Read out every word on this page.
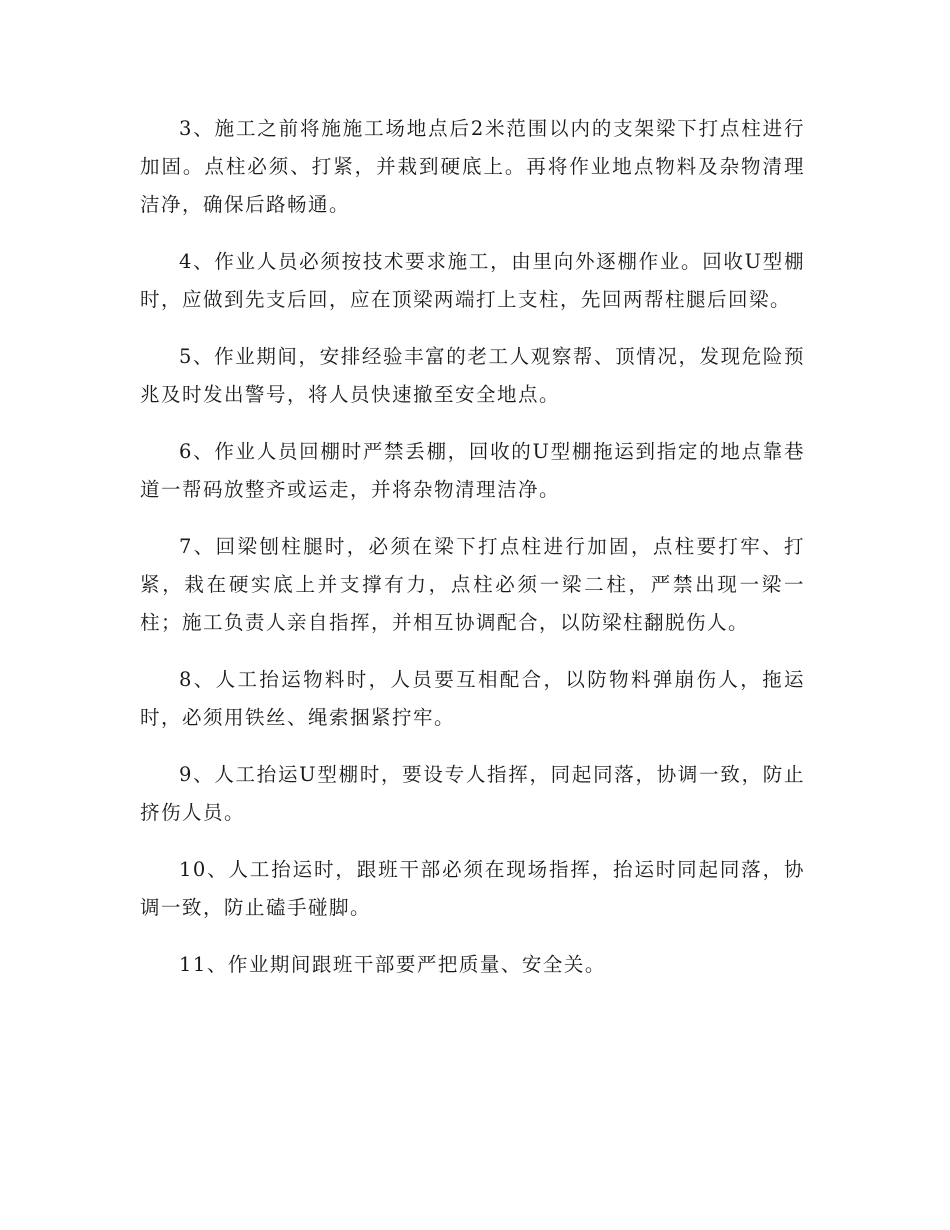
3、施工之前将施施工场地点后2米范围以内的支架梁下打点柱进行加固。点柱必须、打紧，并栽到硬底上。再将作业地点物料及杂物清理洁净，确保后路畅通。

4、作业人员必须按技术要求施工，由里向外逐棚作业。回收U型棚时，应做到先支后回，应在顶梁两端打上支柱，先回两帮柱腿后回梁。

5、作业期间，安排经验丰富的老工人观察帮、顶情况，发现危险预兆及时发出警号，将人员快速撤至安全地点。

6、作业人员回棚时严禁丢棚，回收的U型棚拖运到指定的地点靠巷道一帮码放整齐或运走，并将杂物清理洁净。

7、回梁刨柱腿时，必须在梁下打点柱进行加固，点柱要打牢、打紧，栽在硬实底上并支撑有力，点柱必须一梁二柱，严禁出现一梁一柱；施工负责人亲自指挥，并相互协调配合，以防梁柱翻脱伤人。

8、人工抬运物料时，人员要互相配合，以防物料弹崩伤人，拖运时，必须用铁丝、绳索捆紧拧牢。

9、人工抬运U型棚时，要设专人指挥，同起同落，协调一致，防止挤伤人员。

10、人工抬运时，跟班干部必须在现场指挥，抬运时同起同落，协调一致，防止磕手碰脚。

11、作业期间跟班干部要严把质量、安全关。
